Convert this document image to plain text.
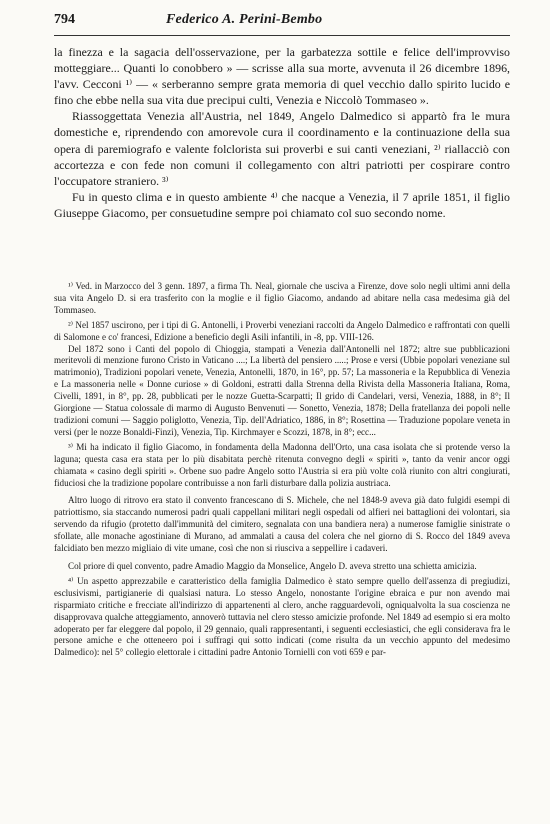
794	Federico A. Perini-Bembo

la finezza e la sagacia dell'osservazione, per la garbatezza sottile e felice dell'improvviso motteggiare... Quanti lo conobbero » — scrisse alla sua morte, avvenuta il 26 dicembre 1896, l'avv. Cecconi ¹⁾ — « serberanno sempre grata memoria di quel vecchio dallo spirito lucido e fino che ebbe nella sua vita due precipui culti, Venezia e Niccolò Tommaseo ».

Riassoggettata Venezia all'Austria, nel 1849, Angelo Dalmedico si appartò fra le mura domestiche e, riprendendo con amorevole cura il coordinamento e la continuazione della sua opera di paremiografo e valente folclorista sui proverbi e sui canti veneziani, ²⁾ riallacciò con accortezza e con fede non comuni il collegamento con altri patriotti per cospirare contro l'occupatore straniero. ³⁾

Fu in questo clima e in questo ambiente ⁴⁾ che nacque a Venezia, il 7 aprile 1851, il figlio Giuseppe Giacomo, per consuetudine sempre poi chiamato col suo secondo nome.

¹⁾ Ved. in Marzocco del 3 genn. 1897, a firma Th. Neal, giornale che usciva a Firenze, dove solo negli ultimi anni della sua vita Angelo D. si era trasferito con la moglie e il figlio Giacomo, andando ad abitare nella casa medesima già del Tommaseo.

²⁾ Nel 1857 uscirono, per i tipi di G. Antonelli, i Proverbi veneziani raccolti da Angelo Dalmedico e raffrontati con quelli di Salomone e co' francesi, Edizione a beneficio degli Asili infantili, in -8, pp. VIII-126.

Del 1872 sono i Canti del popolo di Chioggia, stampati a Venezia dall'Antonelli nel 1872; altre sue pubblicazioni meritevoli di menzione furono Cristo in Vaticano ....; La libertà del pensiero .....; Prose e versi (Ubbie popolari veneziane sul matrimonio), Tradizioni popolari venete, Venezia, Antonelli, 1870, in 16°, pp. 57; La massoneria e la Repubblica di Venezia e La massoneria nelle « Donne curiose » di Goldoni, estratti dalla Strenna della Rivista della Massoneria Italiana, Roma, Civelli, 1891, in 8°, pp. 28, pubblicati per le nozze Guetta-Scarpatti; Il grido di Candelari, versi, Venezia, 1888, in 8°; Il Giorgione — Statua colossale di marmo di Augusto Benvenuti — Sonetto, Venezia, 1878; Della fratellanza dei popoli nelle tradizioni comuni — Saggio poliglotto, Venezia, Tip. dell'Adriatico, 1886, in 8°; Rosettina — Traduzione popolare veneta in versi (per le nozze Bonaldi-Finzi), Venezia, Tip. Kirchmayer e Scozzi, 1878, in 8°; ecc...

³⁾ Mi ha indicato il figlio Giacomo, in fondamenta della Madonna dell'Orto, una casa isolata che si protende verso la laguna; questa casa era stata per lo più disabitata perchè ritenuta convegno degli « spiriti », tanto da venir ancor oggi chiamata « casino degli spiriti ». Orbene suo padre Angelo sotto l'Austria si era più volte colà riunito con altri congiurati, fiduciosi che la tradizione popolare contribuisse a non farli disturbare dalla polizia austriaca.

Altro luogo di ritrovo era stato il convento francescano di S. Michele, che nel 1848-9 aveva già dato fulgidi esempi di patriottismo, sia staccando numerosi padri quali cappellani militari negli ospedali od alfieri nei battaglioni dei volontari, sia servendo da rifugio (protetto dall'immunità del cimitero, segnalata con una bandiera nera) a numerose famiglie sinistrate o sfollate, alle monache agostiniane di Murano, ad ammalati a causa del colera che nel giorno di S. Rocco del 1849 aveva falcidiato ben mezzo migliaio di vite umane, così che non si riusciva a seppellire i cadaveri.

Col priore di quel convento, padre Amadio Maggio da Monselice, Angelo D. aveva stretto una schietta amicizia.

⁴⁾ Un aspetto apprezzabile e caratteristico della famiglia Dalmedico è stato sempre quello dell'assenza di pregiudizi, esclusivismi, partigianerie di qualsiasi natura. Lo stesso Angelo, nonostante l'origine ebraica e pur non avendo mai risparmiato critiche e frecciate all'indirizzo di appartenenti al clero, anche ragguardevoli, ogniqualvolta la sua coscienza ne disapprovava qualche atteggiamento, annoverò tuttavia nel clero stesso amicizie profonde. Nel 1849 ad esempio si era molto adoperato per far eleggere dal popolo, il 29 gennaio, quali rappresentanti, i seguenti ecclesiastici, che egli considerava fra le persone amiche e che otteneero poi i suffragi qui sotto indicati (come risulta da un vecchio appunto del medesimo Dalmedico): nel 5° collegio elettorale i cittadini padre Antonio Tornielli con voti 659 e par-
